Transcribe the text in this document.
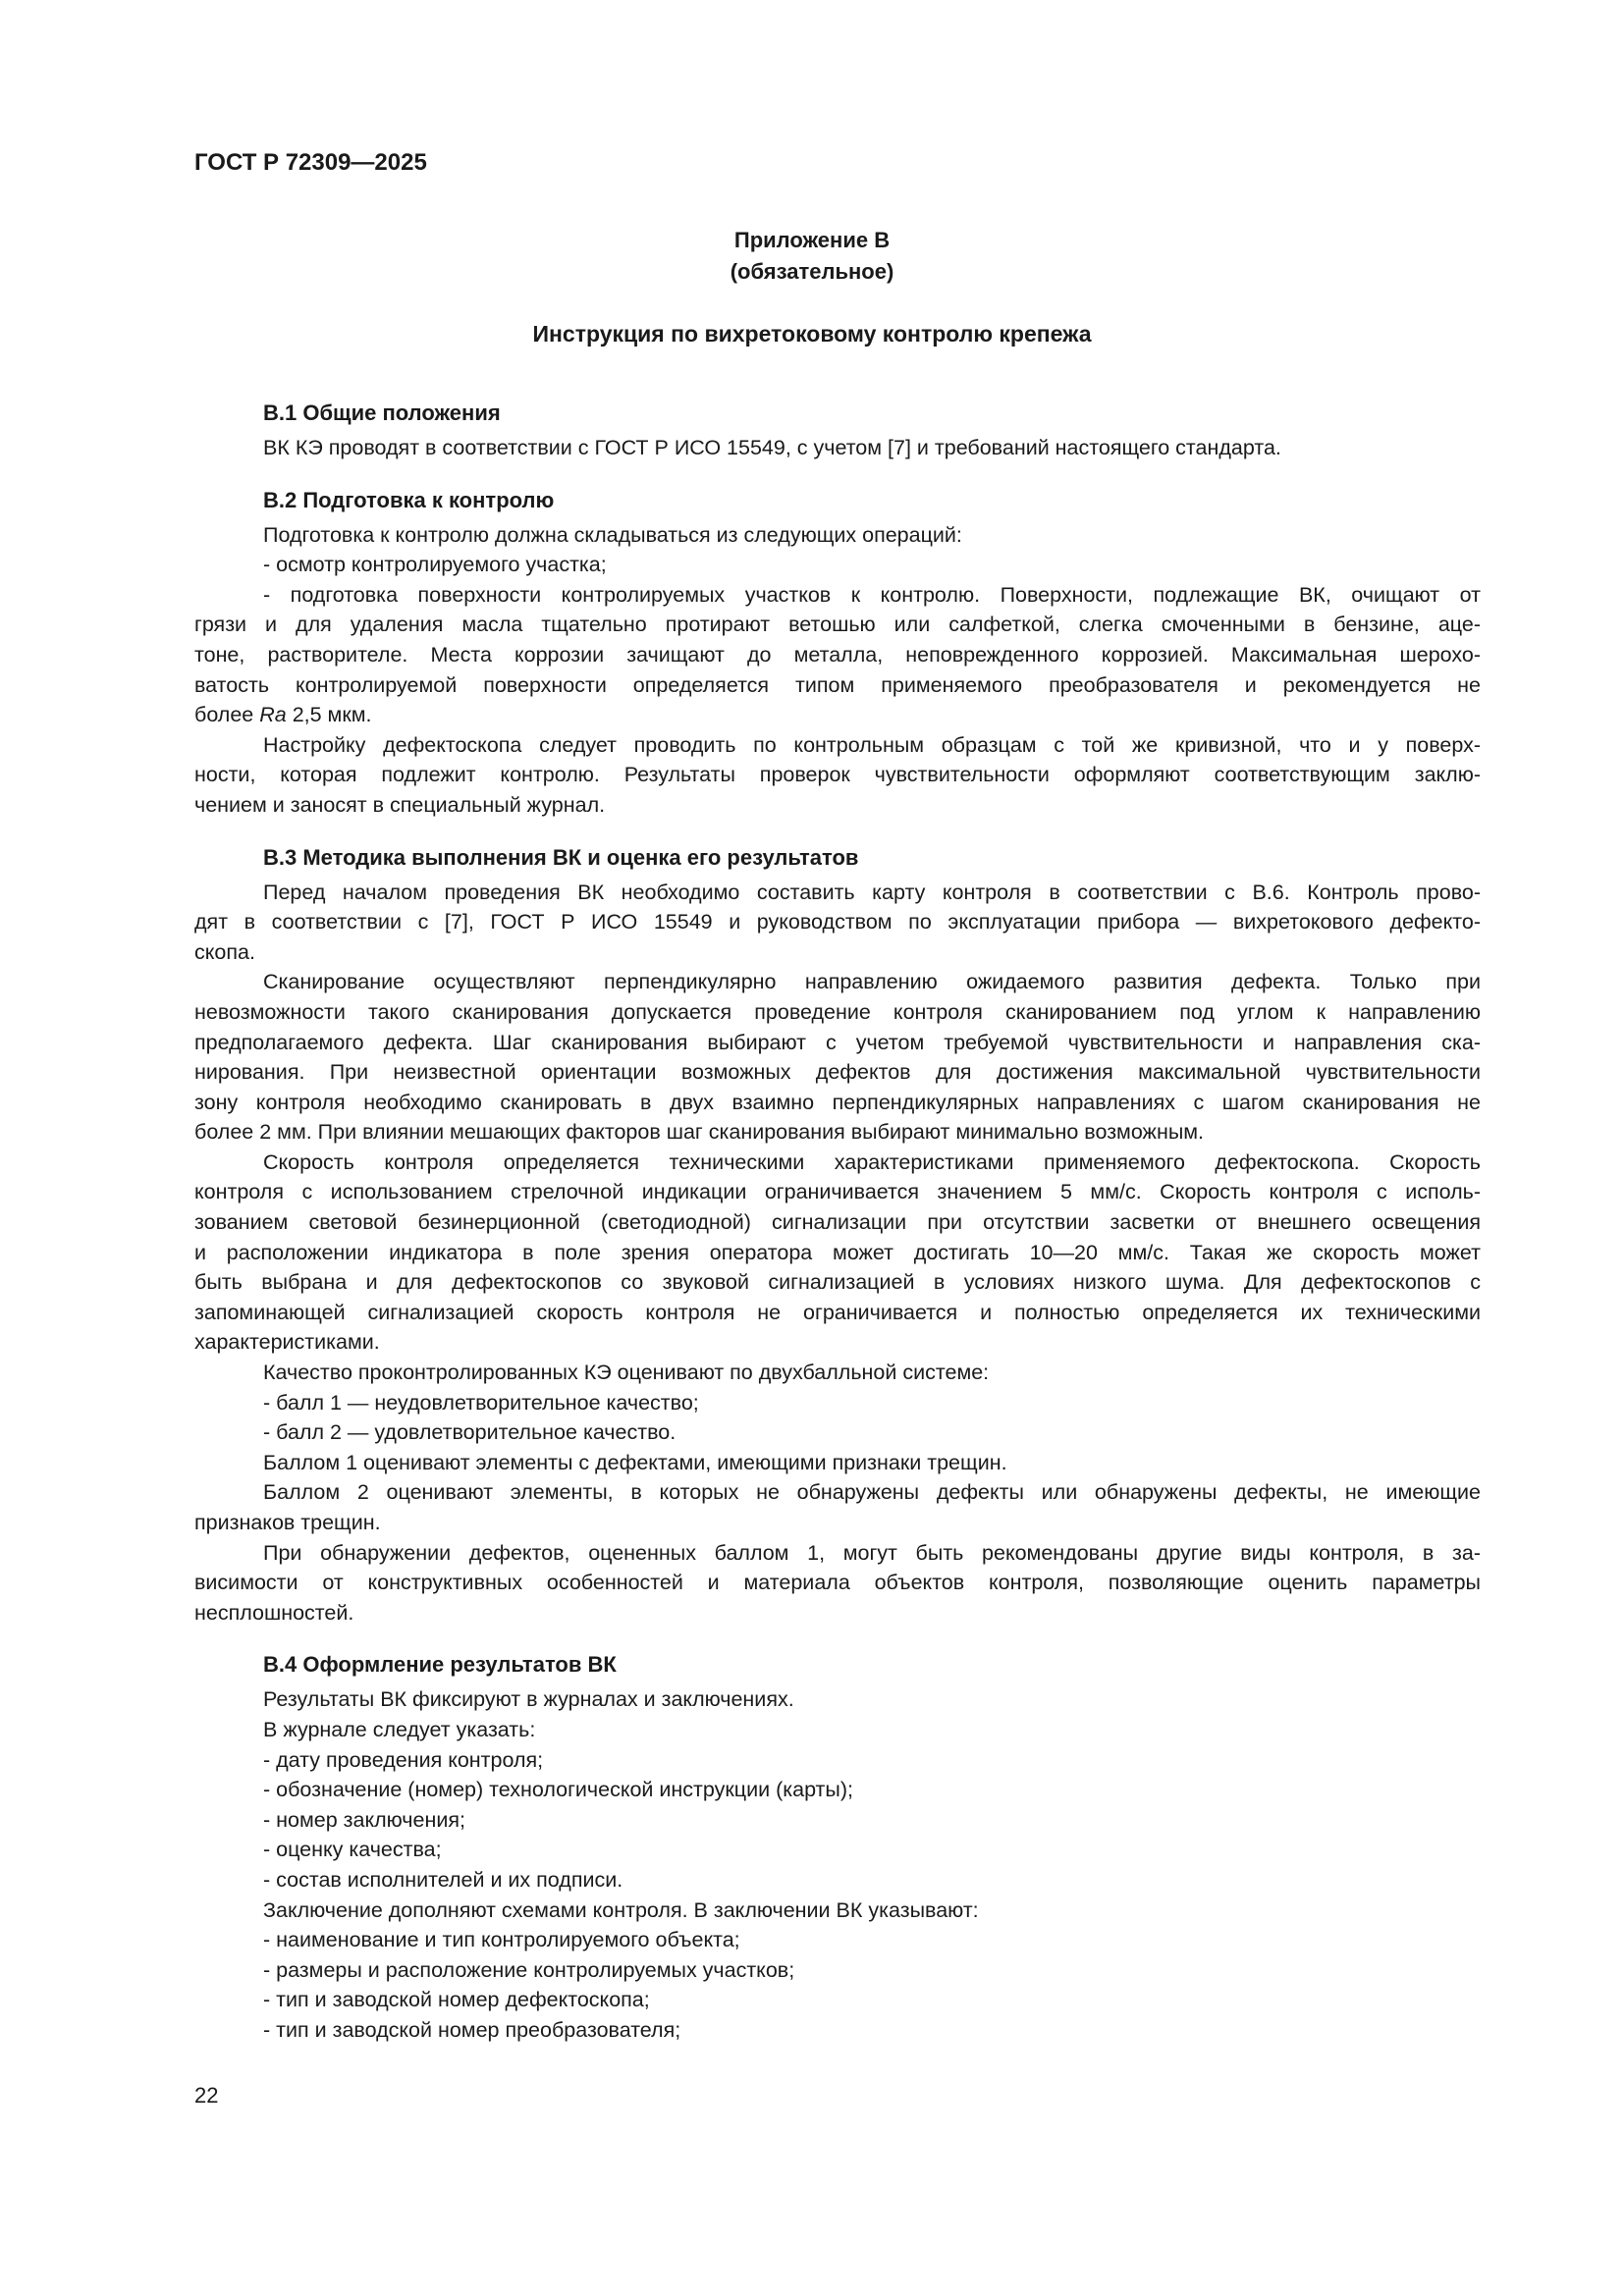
ГОСТ Р 72309—2025
Приложение В
(обязательное)
Инструкция по вихретоковому контролю крепежа
В.1 Общие положения
ВК КЭ проводят в соответствии с ГОСТ Р ИСО 15549, с учетом [7] и требований настоящего стандарта.
В.2 Подготовка к контролю
Подготовка к контролю должна складываться из следующих операций:
- осмотр контролируемого участка;
- подготовка поверхности контролируемых участков к контролю. Поверхности, подлежащие ВК, очищают от
грязи и для удаления масла тщательно протирают ветошью или салфеткой, слегка смоченными в бензине, аце-
тоне, растворителе. Места коррозии зачищают до металла, неповрежденного коррозией. Максимальная шерохо-
ватость контролируемой поверхности определяется типом применяемого преобразователя и рекомендуется не
более Ra 2,5 мкм.
Настройку дефектоскопа следует проводить по контрольным образцам с той же кривизной, что и у поверх-
ности, которая подлежит контролю. Результаты проверок чувствительности оформляют соответствующим заклю-
чением и заносят в специальный журнал.
В.3 Методика выполнения ВК и оценка его результатов
Перед началом проведения ВК необходимо составить карту контроля в соответствии с В.6. Контроль прово-
дят в соответствии с [7], ГОСТ Р ИСО 15549 и руководством по эксплуатации прибора — вихретокового дефекто-
скопа.
Сканирование осуществляют перпендикулярно направлению ожидаемого развития дефекта. Только при
невозможности такого сканирования допускается проведение контроля сканированием под углом к направлению
предполагаемого дефекта. Шаг сканирования выбирают с учетом требуемой чувствительности и направления ска-
нирования. При неизвестной ориентации возможных дефектов для достижения максимальной чувствительности
зону контроля необходимо сканировать в двух взаимно перпендикулярных направлениях с шагом сканирования не
более 2 мм. При влиянии мешающих факторов шаг сканирования выбирают минимально возможным.
Скорость контроля определяется техническими характеристиками применяемого дефектоскопа. Скорость
контроля с использованием стрелочной индикации ограничивается значением 5 мм/с. Скорость контроля с исполь-
зованием световой безинерционной (светодиодной) сигнализации при отсутствии засветки от внешнего освещения
и расположении индикатора в поле зрения оператора может достигать 10—20 мм/с. Такая же скорость может
быть выбрана и для дефектоскопов со звуковой сигнализацией в условиях низкого шума. Для дефектоскопов с
запоминающей сигнализацией скорость контроля не ограничивается и полностью определяется их техническими
характеристиками.
Качество проконтролированных КЭ оценивают по двухбалльной системе:
- балл 1 — неудовлетворительное качество;
- балл 2 — удовлетворительное качество.
Баллом 1 оценивают элементы с дефектами, имеющими признаки трещин.
Баллом 2 оценивают элементы, в которых не обнаружены дефекты или обнаружены дефекты, не имеющие
признаков трещин.
При обнаружении дефектов, оцененных баллом 1, могут быть рекомендованы другие виды контроля, в за-
висимости от конструктивных особенностей и материала объектов контроля, позволяющие оценить параметры
несплошностей.
В.4 Оформление результатов ВК
Результаты ВК фиксируют в журналах и заключениях.
В журнале следует указать:
- дату проведения контроля;
- обозначение (номер) технологической инструкции (карты);
- номер заключения;
- оценку качества;
- состав исполнителей и их подписи.
Заключение дополняют схемами контроля. В заключении ВК указывают:
- наименование и тип контролируемого объекта;
- размеры и расположение контролируемых участков;
- тип и заводской номер дефектоскопа;
- тип и заводской номер преобразователя;
22
